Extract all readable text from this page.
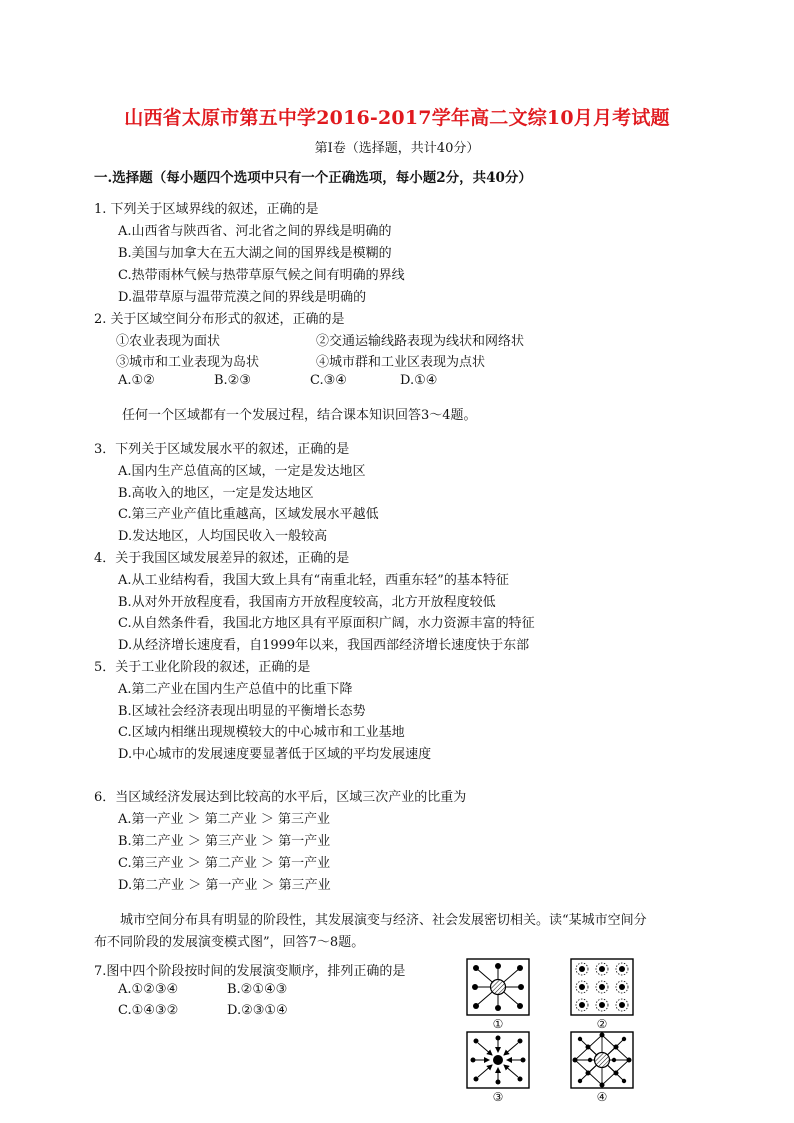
山西省太原市第五中学2016-2017学年高二文综10月月考试题
第Ⅰ卷（选择题，共计40分）
一.选择题（每小题四个选项中只有一个正确选项，每小题2分，共40分）
1. 下列关于区域界线的叙述，正确的是
A.山西省与陕西省、河北省之间的界线是明确的
B.美国与加拿大在五大湖之间的国界线是模糊的
C.热带雨林气候与热带草原气候之间有明确的界线
D.温带草原与温带荒漠之间的界线是明确的
2. 关于区域空间分布形式的叙述，正确的是
①农业表现为面状	②交通运输线路表现为线状和网络状
③城市和工业表现为岛状	④城市群和工业区表现为点状
A.①②	B.②③	C.③④	D.①④
任何一个区域都有一个发展过程，结合课本知识回答3～4题。
3．下列关于区域发展水平的叙述，正确的是
A.国内生产总值高的区域，一定是发达地区
B.高收入的地区，一定是发达地区
C.第三产业产值比重越高，区域发展水平越低
D.发达地区，人均国民收入一般较高
4．关于我国区域发展差异的叙述，正确的是
A.从工业结构看，我国大致上具有“南重北轻，西重东轻”的基本特征
B.从对外开放程度看，我国南方开放程度较高，北方开放程度较低
C.从自然条件看，我国北方地区具有平原面积广阔，水力资源丰富的特征
D.从经济增长速度看，自1999年以来，我国西部经济增长速度快于东部
5．关于工业化阶段的叙述，正确的是
A.第二产业在国内生产总值中的比重下降
B.区域社会经济表现出明显的平衡增长态势
C.区域内相继出现规模较大的中心城市和工业基地
D.中心城市的发展速度要显著低于区域的平均发展速度
6．当区域经济发展达到比较高的水平后，区域三次产业的比重为
A.第一产业 ＞ 第二产业 ＞ 第三产业
B.第二产业 ＞ 第三产业 ＞ 第一产业
C.第三产业 ＞ 第二产业 ＞ 第一产业
D.第二产业 ＞ 第一产业 ＞ 第三产业
城市空间分布具有明显的阶段性，其发展演变与经济、社会发展密切相关。读“某城市空间分
布不同阶段的发展演变模式图”，回答7～8题。
7.图中四个阶段按时间的发展演变顺序，排列正确的是
A.①②③④	B.②①④③
C.①④③②	D.②③①④
①	②
③	④
